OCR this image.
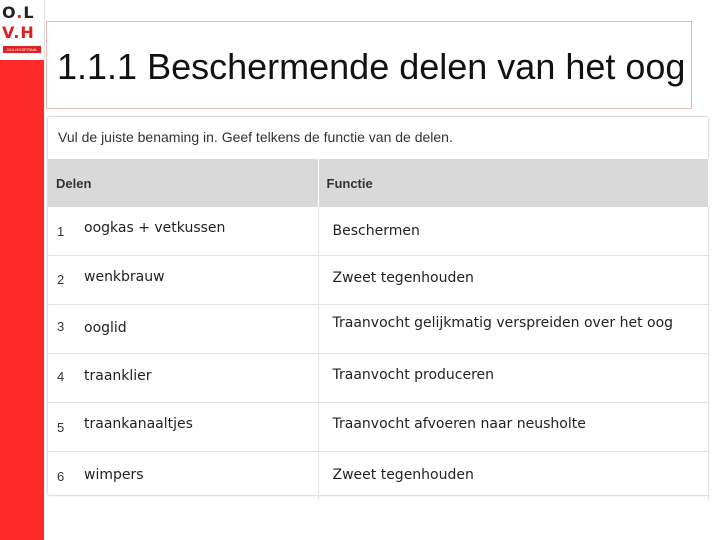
O.L
V.H
OLV-HOSPITAAL 1.1.1 Beschermende delen van het oog
Vul de juiste benaming in. Geef telkens de functie van de delen.
Delen	Functie

1 oogkas + vetkussen	Beschermen

2 wenkbrauw	Zweet tegenhouden

3 ooglid	Traanvocht gelijkmatig verspreiden over het oog

4 traanklier	Traanvocht produceren

5 traankanaaltjes	Traanvocht afvoeren naar neusholte

6 wimpers	Zweet tegenhouden
